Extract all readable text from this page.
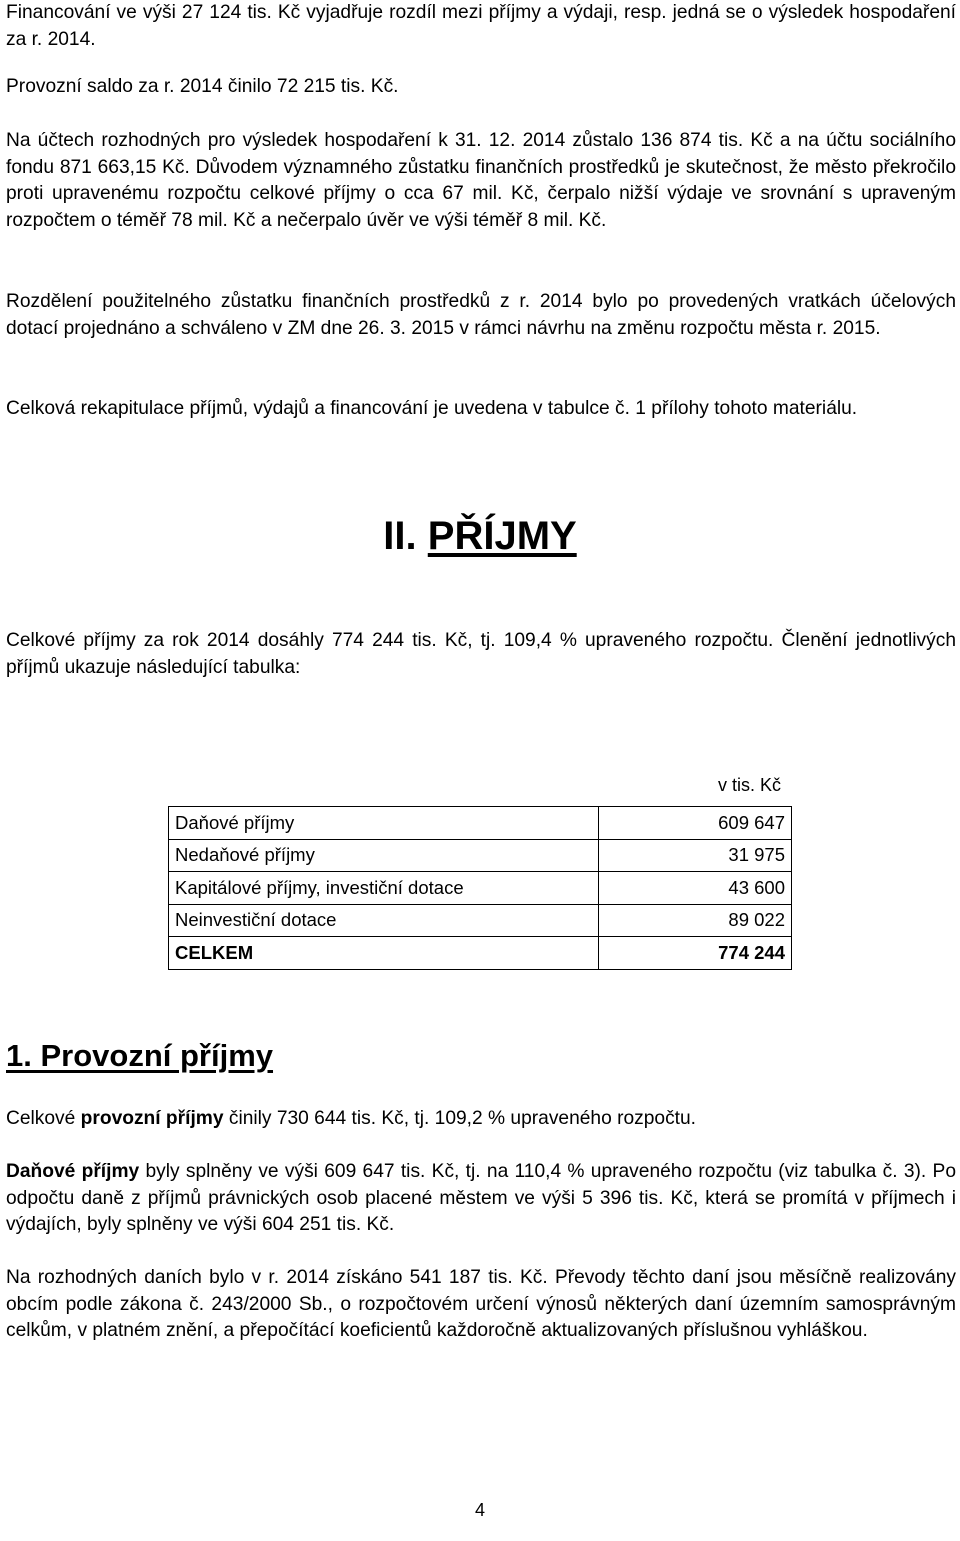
Financování ve výši 27 124 tis. Kč vyjadřuje rozdíl mezi příjmy a výdaji, resp. jedná se o výsledek hospodaření za r. 2014.

Provozní saldo za r. 2014 činilo 72 215 tis. Kč.

Na účtech rozhodných pro výsledek hospodaření k 31. 12. 2014 zůstalo 136 874 tis. Kč a na účtu sociálního fondu 871 663,15 Kč. Důvodem významného zůstatku finančních prostředků je skutečnost, že město překročilo proti upravenému rozpočtu celkové příjmy o cca 67 mil. Kč, čerpalo nižší výdaje ve srovnání s upraveným rozpočtem o téměř 78 mil. Kč a nečerpalo úvěr ve výši téměř 8 mil. Kč.

Rozdělení použitelného zůstatku finančních prostředků z r. 2014 bylo po provedených vratkách účelových dotací projednáno a schváleno v ZM dne 26. 3. 2015 v rámci návrhu na změnu rozpočtu města r. 2015.

Celková rekapitulace příjmů, výdajů a financování je uvedena v tabulce č. 1 přílohy tohoto materiálu.

II. PŘÍJMY

Celkové příjmy za rok 2014 dosáhly 774 244 tis. Kč, tj. 109,4 % upraveného rozpočtu. Členění jednotlivých příjmů ukazuje následující tabulka:

v tis. Kč
Daňové příjmy	609 647
Nedaňové příjmy	31 975
Kapitálové příjmy, investiční dotace	43 600
Neinvestiční dotace	89 022
CELKEM	774 244
1. Provozní příjmy

Celkové provozní příjmy činily 730 644 tis. Kč, tj. 109,2 % upraveného rozpočtu.

Daňové příjmy byly splněny ve výši 609 647 tis. Kč, tj. na 110,4 % upraveného rozpočtu (viz tabulka č. 3). Po odpočtu daně z příjmů právnických osob placené městem ve výši 5 396 tis. Kč, která se promítá v příjmech i výdajích, byly splněny ve výši 604 251 tis. Kč.

Na rozhodných daních bylo v r. 2014 získáno 541 187 tis. Kč. Převody těchto daní jsou měsíčně realizovány obcím podle zákona č. 243/2000 Sb., o rozpočtovém určení výnosů některých daní územním samosprávným celkům, v platném znění, a přepočítácí koeficientů každoročně aktualizovaných příslušnou vyhláškou.

4
